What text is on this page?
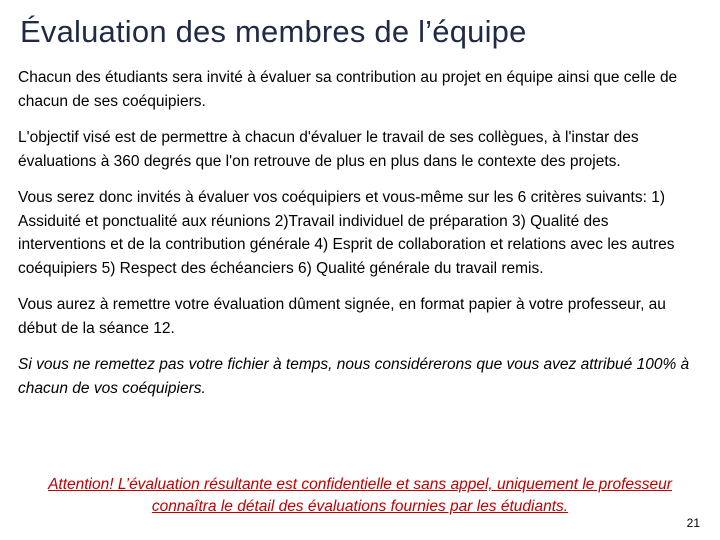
Évaluation des membres de l’équipe

Chacun des étudiants sera invité à évaluer sa contribution au projet en équipe ainsi que celle de chacun de ses coéquipiers.

L'objectif visé est de permettre à chacun d'évaluer le travail de ses collègues, à l'instar des évaluations à 360 degrés que l'on retrouve de plus en plus dans le contexte des projets.

Vous serez donc invités à évaluer vos coéquipiers et vous-même sur les 6 critères suivants: 1) Assiduité et ponctualité aux réunions 2)Travail individuel de préparation 3) Qualité des interventions et de la contribution générale 4) Esprit de collaboration et relations avec les autres coéquipiers 5) Respect des échéanciers 6) Qualité générale du travail remis.

Vous aurez à remettre votre évaluation dûment signée, en format papier à votre professeur, au début de la séance 12.

Si vous ne remettez pas votre fichier à temps, nous considérerons que vous avez attribué 100% à chacun de vos coéquipiers.

Attention! L’évaluation résultante est confidentielle et sans appel, uniquement le professeur connaîtra le détail des évaluations fournies par les étudiants.
21
